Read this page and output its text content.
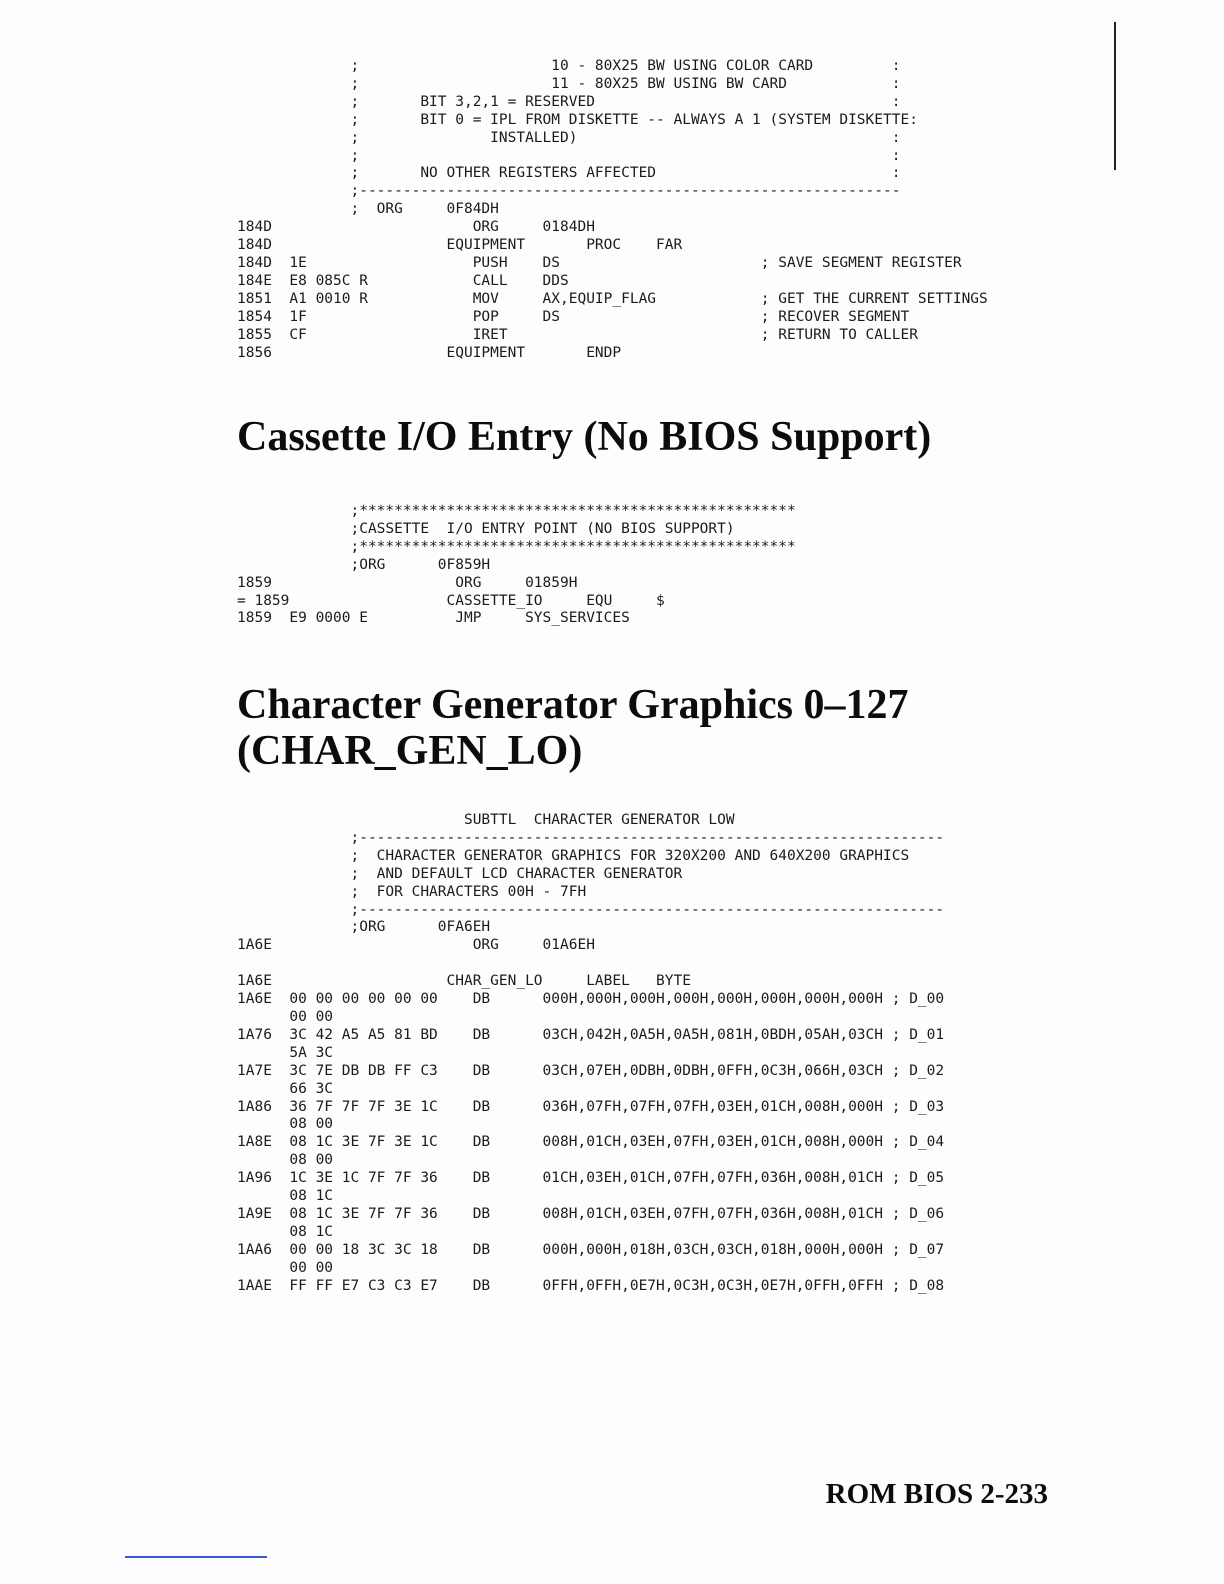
;                      10 - 80X25 BW USING COLOR CARD         :
;                      11 - 80X25 BW USING BW CARD            :
;       BIT 3,2,1 = RESERVED                                  :
;       BIT 0 = IPL FROM DISKETTE -- ALWAYS A 1 (SYSTEM DISKETTE:
;               INSTALLED)                                    :
;                                                             :
;       NO OTHER REGISTERS AFFECTED                           :
;--------------------------------------------------------------
;  ORG     0F84DH
184D                       ORG     0184DH
184D                    EQUIPMENT       PROC    FAR
184D  1E                   PUSH    DS                       ; SAVE SEGMENT REGISTER
184E  E8 085C R            CALL    DDS
1851  A1 0010 R            MOV     AX,EQUIP_FLAG            ; GET THE CURRENT SETTINGS
1854  1F                   POP     DS                       ; RECOVER SEGMENT
1855  CF                   IRET                             ; RETURN TO CALLER
1856                    EQUIPMENT       ENDP
Cassette I/O Entry (No BIOS Support)
;**************************************************
;CASSETTE  I/O ENTRY POINT (NO BIOS SUPPORT)
;**************************************************
;ORG      0F859H
1859                     ORG     01859H
= 1859                  CASSETTE_IO     EQU     $
1859  E9 0000 E          JMP     SYS_SERVICES
Character Generator Graphics 0–127
(CHAR_GEN_LO)
SUBTTL  CHARACTER GENERATOR LOW
;-------------------------------------------------------------------
;  CHARACTER GENERATOR GRAPHICS FOR 320X200 AND 640X200 GRAPHICS
;  AND DEFAULT LCD CHARACTER GENERATOR
;  FOR CHARACTERS 00H - 7FH
;-------------------------------------------------------------------
;ORG      0FA6EH
1A6E                       ORG     01A6EH

1A6E                    CHAR_GEN_LO     LABEL   BYTE
1A6E  00 00 00 00 00 00    DB      000H,000H,000H,000H,000H,000H,000H,000H ; D_00
00 00
1A76  3C 42 A5 A5 81 BD    DB      03CH,042H,0A5H,0A5H,081H,0BDH,05AH,03CH ; D_01
5A 3C
1A7E  3C 7E DB DB FF C3    DB      03CH,07EH,0DBH,0DBH,0FFH,0C3H,066H,03CH ; D_02
66 3C
1A86  36 7F 7F 7F 3E 1C    DB      036H,07FH,07FH,07FH,03EH,01CH,008H,000H ; D_03
08 00
1A8E  08 1C 3E 7F 3E 1C    DB      008H,01CH,03EH,07FH,03EH,01CH,008H,000H ; D_04
08 00
1A96  1C 3E 1C 7F 7F 36    DB      01CH,03EH,01CH,07FH,07FH,036H,008H,01CH ; D_05
08 1C
1A9E  08 1C 3E 7F 7F 36    DB      008H,01CH,03EH,07FH,07FH,036H,008H,01CH ; D_06
08 1C
1AA6  00 00 18 3C 3C 18    DB      000H,000H,018H,03CH,03CH,018H,000H,000H ; D_07
00 00
1AAE  FF FF E7 C3 C3 E7    DB      0FFH,0FFH,0E7H,0C3H,0C3H,0E7H,0FFH,0FFH ; D_08
ROM BIOS 2-233
